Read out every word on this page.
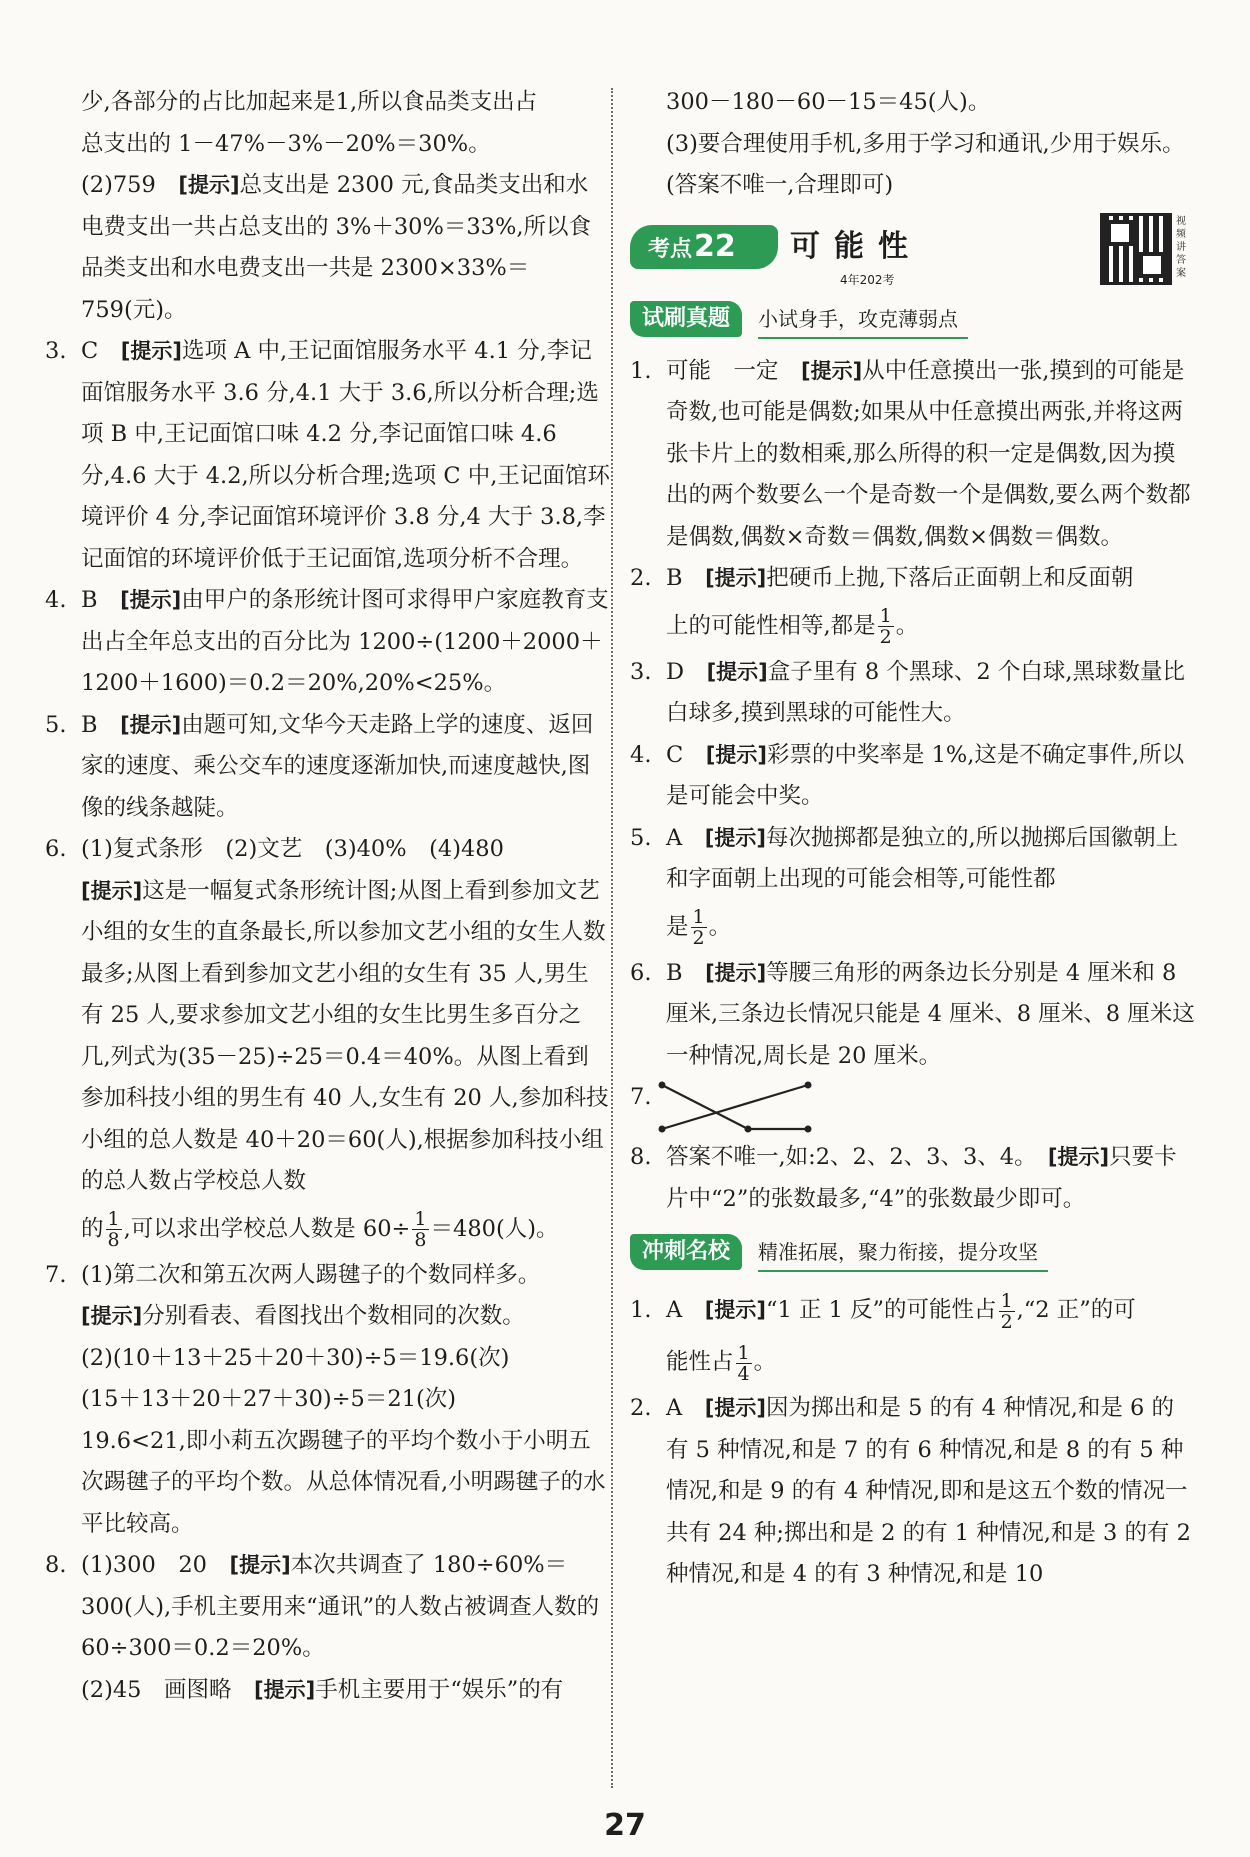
少,各部分的占比加起来是1,所以食品类支出占
总支出的 1－47%－3%－20%＝30%。
(2)759　 [提示]总支出是 2300 元,食品类支出和水电费支出一共占总支出的 3%＋30%＝33%,所以食品类支出和水电费支出一共是 2300×33%＝759(元)。
3. C　 [提示]选项 A 中,王记面馆服务水平 4.1 分,李记面馆服务水平 3.6 分,4.1 大于 3.6,所以分析合理;选项 B 中,王记面馆口味 4.2 分,李记面馆口味 4.6 分,4.6 大于 4.2,所以分析合理;选项 C 中,王记面馆环境评价 4 分,李记面馆环境评价 3.8 分,4 大于 3.8,李记面馆的环境评价低于王记面馆,选项分析不合理。
4. B　 [提示]由甲户的条形统计图可求得甲户家庭教育支出占全年总支出的百分比为 1200÷(1200＋2000＋1200＋1600)＝0.2＝20%,20%<25%。
5. B　 [提示]由题可知,文华今天走路上学的速度、返回家的速度、乘公交车的速度逐渐加快,而速度越快,图像的线条越陡。
6. (1)复式条形　(2)文艺　(3)40%　(4)480
[提示]这是一幅复式条形统计图;从图上看到参加文艺小组的女生的直条最长,所以参加文艺小组的女生人数最多;从图上看到参加文艺小组的女生有 35 人,男生有 25 人,要求参加文艺小组的女生比男生多百分之几,列式为(35－25)÷25＝0.4＝40%。从图上看到参加科技小组的男生有 40 人,女生有 20 人,参加科技小组的总人数是 40＋20＝60(人),根据参加科技小组的总人数占学校总人数
的 $\frac{1}{8}$ ,可以求出学校总人数是 $60\div \frac{1}{8} =480$(人)。
7. (1)第二次和第五次两人踢毽子的个数同样多。
[提示]分别看表、看图找出个数相同的次数。
(2)(10＋13＋25＋20＋30)÷5＝19.6(次)
(15＋13＋20＋27＋30)÷5＝21(次)
19.6<21,即小莉五次踢毽子的平均个数小于小明五次踢毽子的平均个数。从总体情况看,小明踢毽子的水平比较高。
8. (1)300　20　 [提示]本次共调查了 180÷60%＝300(人),手机主要用来“通讯”的人数占被调查人数的 60÷300＝0.2＝20%。
(2)45　画图略　 [提示]手机主要用于“娱乐”的有
300－180－60－15＝45(人)。
(3)要合理使用手机,多用于学习和通讯,少用于娱乐。(答案不唯一,合理即可)
考点22	可能性
4年202考
视频讲答案
试刷真题	小试身手，攻克薄弱点
1. 可能　一定　 [提示]从中任意摸出一张,摸到的可能是奇数,也可能是偶数;如果从中任意摸出两张,并将这两张卡片上的数相乘,那么所得的积一定是偶数,因为摸出的两个数要么一个是奇数一个是偶数,要么两个数都是偶数,偶数×奇数＝偶数,偶数×偶数＝偶数。
2. B　 [提示]把硬币上抛,下落后正面朝上和反面朝
上的可能性相等,都是 $\frac{1}{2}$ 。
3. D　 [提示]盒子里有 8 个黑球、2 个白球,黑球数量比白球多,摸到黑球的可能性大。
4. C　 [提示]彩票的中奖率是 1%,这是不确定事件,所以是可能会中奖。
5. A　 [提示]每次抛掷都是独立的,所以抛掷后国徽朝上和字面朝上出现的可能会相等,可能性都
是 $\frac{1}{2}$ 。
6. B　 [提示]等腰三角形的两条边长分别是 4 厘米和 8 厘米,三条边长情况只能是 4 厘米、8 厘米、8 厘米这一种情况,周长是 20 厘米。
7.
8. 答案不唯一,如:2、2、2、3、3、4。　 [提示]只要卡片中“2”的张数最多,“4”的张数最少即可。
冲刺名校	精准拓展，聚力衔接，提分攻坚
1. A　 [提示]“1 正 1 反”的可能性占 $\frac{1}{2}$ ,“2 正”的可
能性占 $\frac{1}{4}$ 。
2. A　 [提示]因为掷出和是 5 的有 4 种情况,和是 6 的有 5 种情况,和是 7 的有 6 种情况,和是 8 的有 5 种情况,和是 9 的有 4 种情况,即和是这五个数的情况一共有 24 种;掷出和是 2 的有 1 种情况,和是 3 的有 2 种情况,和是 4 的有 3 种情况,和是 10
27
